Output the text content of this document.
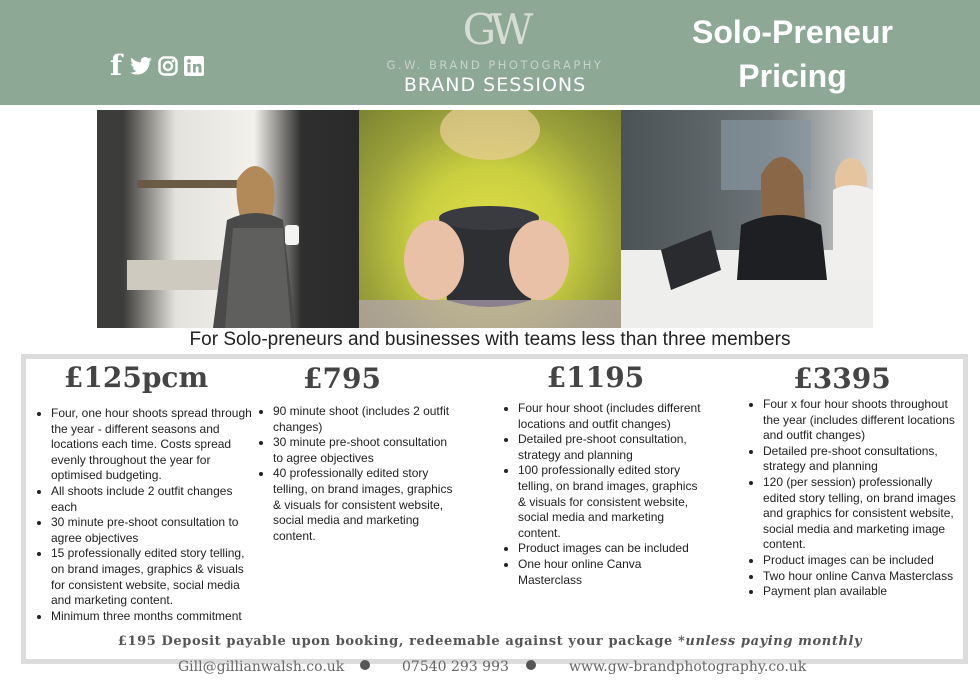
f
GW
G.W. BRAND PHOTOGRAPHY
BRAND SESSIONS
Solo-Preneur
Pricing
For Solo-preneurs and businesses with teams less than three members
£125pcm
• Four, one hour shoots spread through the year - different seasons and locations each time. Costs spread evenly throughout the year for optimised budgeting.
• All shoots include 2 outfit changes each
• 30 minute pre-shoot consultation to agree objectives
• 15 professionally edited story telling, on brand images, graphics & visuals for consistent website, social media and marketing content.
• Minimum three months commitment
£795
• 90 minute shoot (includes 2 outfit changes)
• 30 minute pre-shoot consultation to agree objectives
• 40 professionally edited story telling, on brand images, graphics & visuals for consistent website, social media and marketing content.
£1195
• Four hour shoot (includes different locations and outfit changes)
• Detailed pre-shoot consultation, strategy and planning
• 100 professionally edited story telling, on brand images, graphics & visuals for consistent website, social media and marketing content.
• Product images can be included
• One hour online Canva Masterclass
£3395
• Four x four hour shoots throughout the year (includes different locations and outfit changes)
• Detailed pre-shoot consultations, strategy and planning
• 120 (per session) professionally edited story telling, on brand images and graphics for consistent website, social media and marketing image content.
• Product images can be included
• Two hour online Canva Masterclass
• Payment plan available
£195 Deposit payable upon booking, redeemable against your package *unless paying monthly
Gill@gillianwalsh.co.uk	07540 293 993	www.gw-brandphotography.co.uk
